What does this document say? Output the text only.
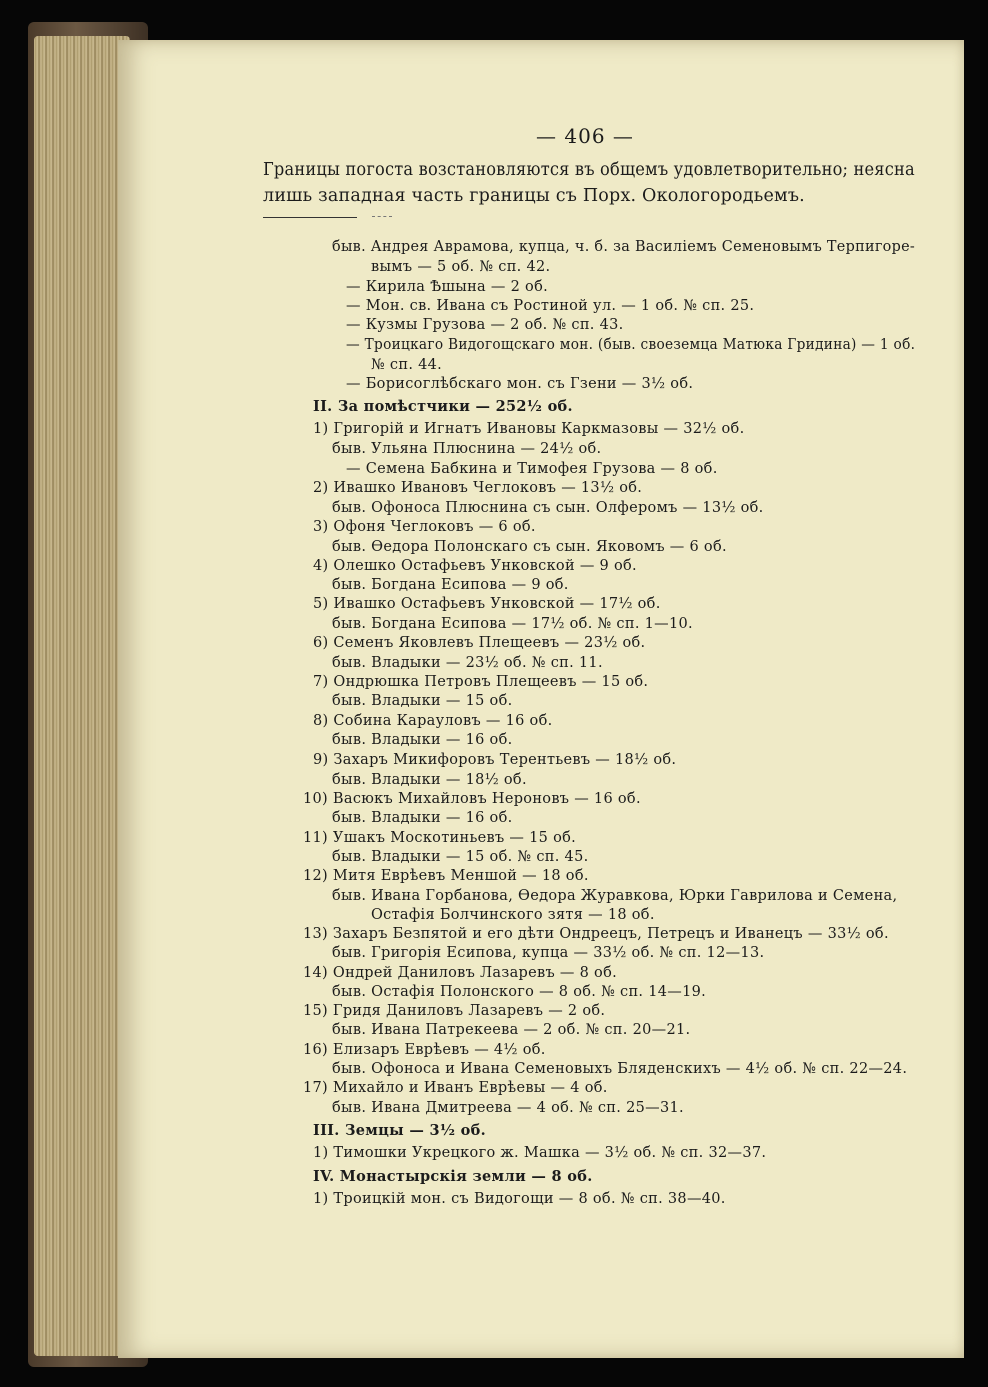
— 406 —
Границы погоста возстановляются въ общемъ удовлетворительно; неясна
лишь западная часть границы съ Порх. Окологородьемъ.
быв. Андрея Аврамова, купца, ч. б. за Василiемъ Семеновымъ Терпигоре-
вымъ — 5 об. № сп. 42.
— Кирила Ѣшына — 2 об.
— Мон. св. Ивана съ Ростиной ул. — 1 об. № сп. 25.
— Кузмы Грузова — 2 об. № сп. 43.
— Троицкаго Видогощскаго мон. (быв. своеземца Матюка Гридина) — 1 об.
№ сп. 44.
— Борисоглѣбскаго мон. съ Гзени — 3½ об.
II. За помѣстчики — 252½ об.
1) Григорiй и Игнатъ Ивановы Каркмазовы — 32½ об.
быв. Ульяна Плюснина — 24½ об.
— Семена Бабкина и Тимофея Грузова — 8 об.
2) Ивашко Ивановъ Чеглоковъ — 13½ об.
быв. Офоноса Плюснина съ сын. Олферомъ — 13½ об.
3) Офоня Чеглоковъ — 6 об.
быв. Ѳедора Полонскаго съ сын. Яковомъ — 6 об.
4) Олешко Остафьевъ Унковской — 9 об.
быв. Богдана Есипова — 9 об.
5) Ивашко Остафьевъ Унковской — 17½ об.
быв. Богдана Есипова — 17½ об. № сп. 1—10.
6) Семенъ Яковлевъ Плещеевъ — 23½ об.
быв. Владыки — 23½ об. № сп. 11.
7) Ондрюшка Петровъ Плещеевъ — 15 об.
быв. Владыки — 15 об.
8) Собина Карауловъ — 16 об.
быв. Владыки — 16 об.
9) Захаръ Микифоровъ Терентьевъ — 18½ об.
быв. Владыки — 18½ об.
10) Васюкъ Михайловъ Нероновъ — 16 об.
быв. Владыки — 16 об.
11) Ушакъ Москотиньевъ — 15 об.
быв. Владыки — 15 об. № сп. 45.
12) Митя Еврѣевъ Меншой — 18 об.
быв. Ивана Горбанова, Ѳедора Журавкова, Юрки Гаврилова и Семена,
Остафiя Болчинского зятя — 18 об.
13) Захаръ Безпятой и его дѣти Ондреецъ, Петрецъ и Иванецъ — 33½ об.
быв. Григорiя Есипова, купца — 33½ об. № сп. 12—13.
14) Ондрей Даниловъ Лазаревъ — 8 об.
быв. Остафiя Полонского — 8 об. № сп. 14—19.
15) Гридя Даниловъ Лазаревъ — 2 об.
быв. Ивана Патрекеева — 2 об. № сп. 20—21.
16) Елизаръ Еврѣевъ — 4½ об.
быв. Офоноса и Ивана Семеновыхъ Бляденскихъ — 4½ об. № сп. 22—24.
17) Михайло и Иванъ Еврѣевы — 4 об.
быв. Ивана Дмитреева — 4 об. № сп. 25—31.
III. Земцы — 3½ об.
1) Тимошки Укрецкого ж. Машка — 3½ об. № сп. 32—37.
IV. Монастырскiя земли — 8 об.
1) Троицкiй мон. съ Видогощи — 8 об. № сп. 38—40.
